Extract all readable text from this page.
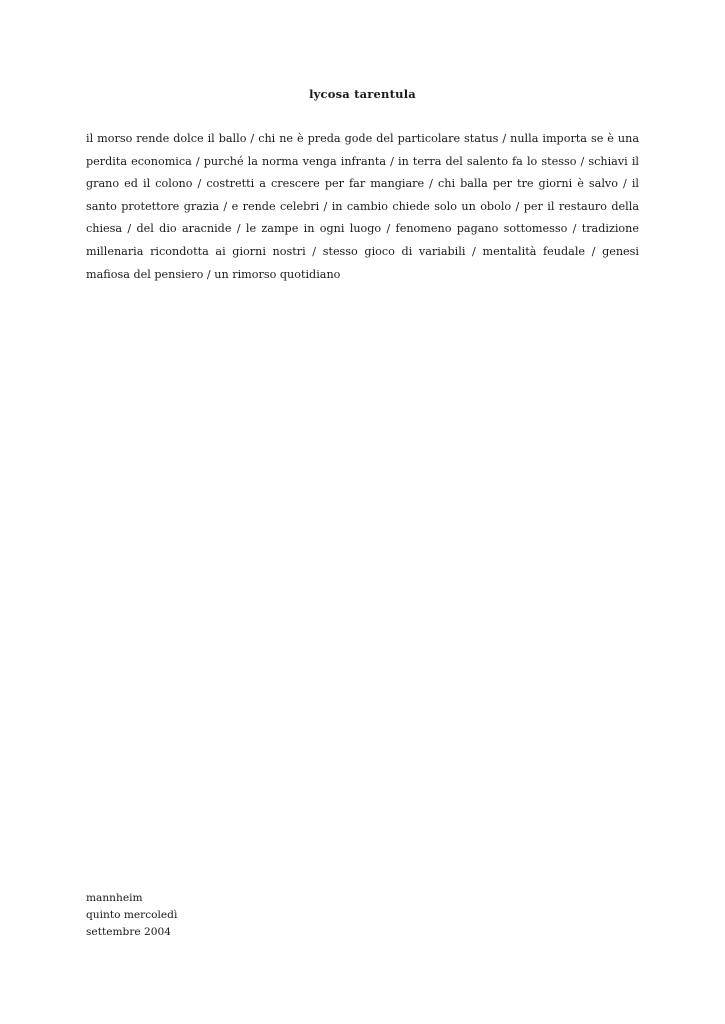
lycosa tarentula

il morso rende dolce il ballo / chi ne è preda gode del particolare status / nulla importa se è una perdita economica / purché la norma venga infranta / in terra del salento fa lo stesso / schiavi il grano ed il colono / costretti a crescere per far mangiare / chi balla per tre giorni è salvo / il santo protettore grazia / e rende celebri / in cambio chiede solo un obolo / per il restauro della chiesa / del dio aracnide / le zampe in ogni luogo / fenomeno pagano sottomesso / tradizione millenaria ricondotta ai giorni nostri / stesso gioco di variabili / mentalità feudale / genesi mafiosa del pensiero / un rimorso quotidiano

mannheim
quinto mercoledì
settembre 2004
